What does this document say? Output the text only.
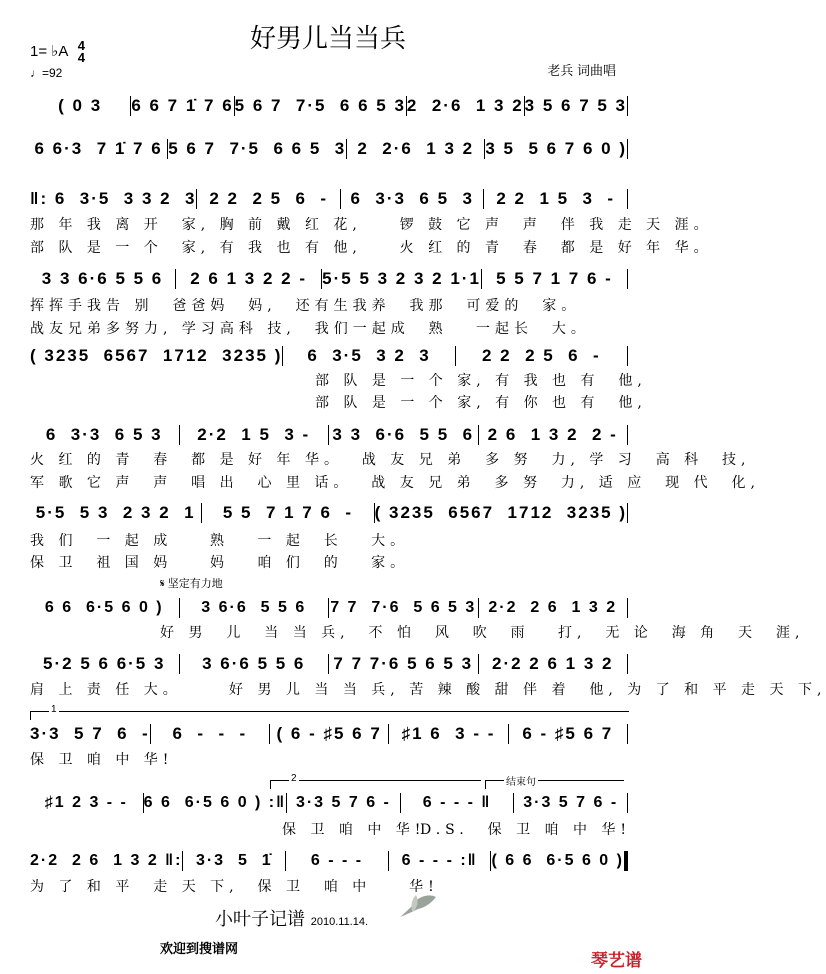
好男儿当当兵
1= ♭A 4
4
♩=92	老兵 词曲唱
( 0 3	6 6 7 1̇ 7 6 5 6 7  7·5  6 6 5 3 2  2·6  1 3 2 3 5 6 7 5 3
6 6·3  7 1̇ 7 6 5 6 7  7·5  6 6 5  3 2  2·6  1 3 2 3 5  5 6 7 6 0 )
‖: 6  3·5  3 3 2  3 2 2  2 5  6  -	6  3·3  6 5  3	2 2  1 5  3  -
那 年 我 离 开  家, 胸 前 戴 红 花,    锣 鼓 它 声  声  伴 我 走 天 涯。
部 队 是 一 个  家, 有 我 也 有 他,    火 红 的 青  春  都 是 好 年 华。
3 3 6·6 5 5 6	2 6 1 3 2 2 - 5·5 5 3 2 3 2 1·1 5 5 7 1 7 6 -
挥挥手我告 别  爸爸妈  妈,  还有生我养  我那  可爱的  家。
战友兄弟多努力, 学习高科 技,  我们一起成  熟   一起长  大。
( 3235  6567  1712  3235 )	6  3·5  3 2  3	2 2  2 5  6  -
部 队 是 一 个 家, 有 我 也 有  他,
部 队 是 一 个 家, 有 你 也 有  他,
6  3·3  6 5 3	2·2  1 5  3 -	3 3  6·6  5 5  6 2 6  1 3 2  2 -
火 红 的 青  春  都 是 好 年 华。  战 友 兄 弟  多 努  力, 学 习  高 科  技,
军 歌 它 声  声  唱 出  心 里 话。  战 友 兄 弟  多 努  力, 适 应  现 代  化,
5·5  5 3  2 3 2  1	5 5  7 1 7 6  -	( 3235  6567  1712  3235 )
我 们  一 起 成    熟   一 起  长   大。
保 卫  祖 国 妈    妈   咱 们  的   家。
6 6  6·5 6 0 )	3 6·6  5 5 6	7 7  7·6  5 6 5 3 2·2  2 6  1 3 2
𝄋 坚定有力地
好 男  儿  当 当 兵,  不 怕  风  吹  雨   打,  无 论  海 角  天  涯,
5·2 5 6 6·5 3	3 6·6 5 5 6	7 7 7·6 5 6 5 3	2·2 2 6 1 3 2
肩 上 责 任 大。     好 男 儿 当 当 兵, 苦 辣 酸 甜 伴 着  他, 为 了 和 平 走 天 下,
3·3  5 7  6  -	6  -  -  -	( 6 - ♯5 6 7	♯1 6  3 - -	6 - ♯5 6 7
1
保 卫 咱 中 华!
♯1 2 3 - - 6 6  6·5 6 0 ) :‖ 3·3 5 7 6 -	6 - - - ‖	3·3 5 7 6 -
2	结束句
保 卫 咱 中 华!
D.S.  保 卫 咱 中 华!
2·2  2 6  1 3 2 ‖: 3·3  5  1̇	6 - - -	6 - - - :‖ ( 6 6  6·5 6 0 )
为 了 和 平  走 天 下,  保 卫  咱 中    华!
小叶子记谱 2010.11.14.
欢迎到搜谱网
琴艺谱
